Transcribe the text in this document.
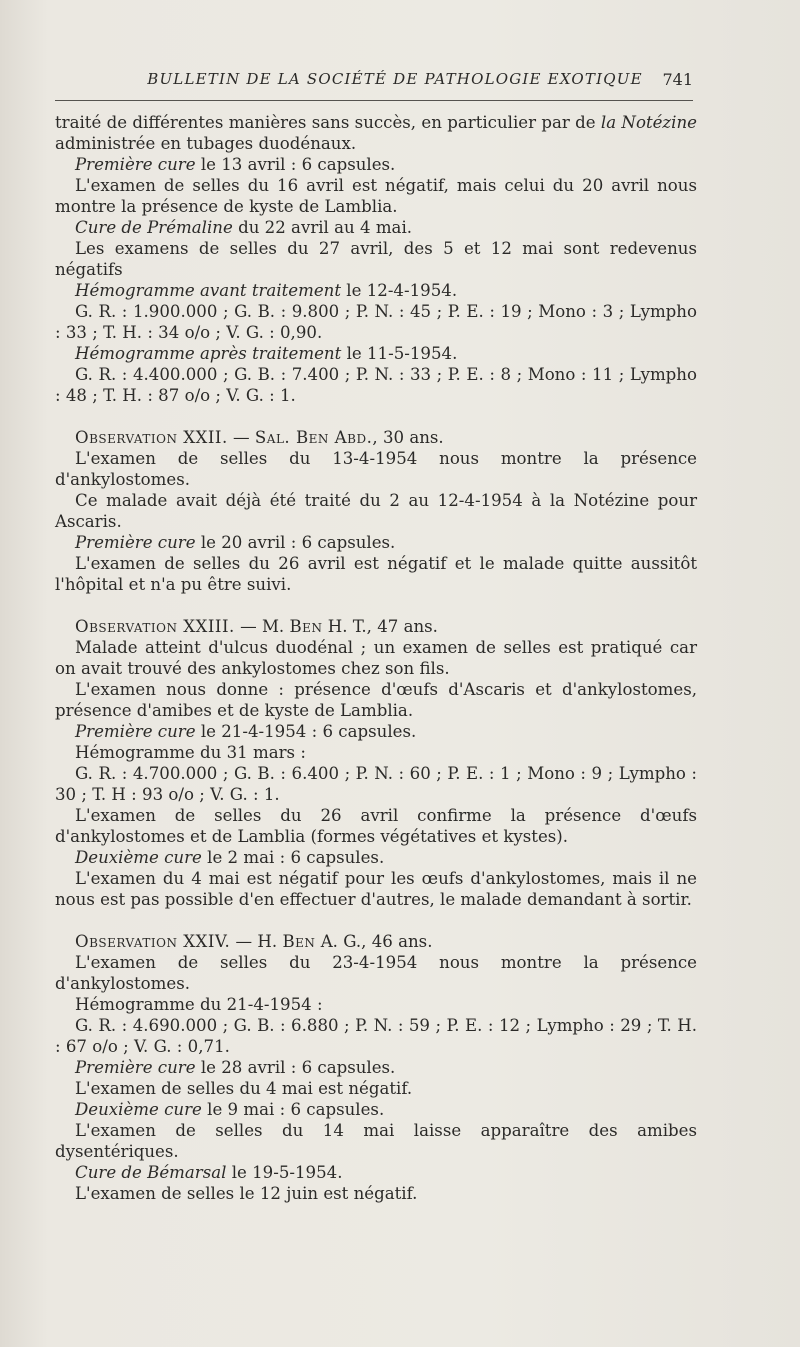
BULLETIN DE LA SOCIÉTÉ DE PATHOLOGIE EXOTIQUE 741

traité de différentes manières sans succès, en particulier par de la Notézine administrée en tubages duodénaux.

Première cure le 13 avril : 6 capsules.

L'examen de selles du 16 avril est négatif, mais celui du 20 avril nous montre la présence de kyste de Lamblia.

Cure de Prémaline du 22 avril au 4 mai.

Les examens de selles du 27 avril, des 5 et 12 mai sont redevenus négatifs

Hémogramme avant traitement le 12-4-1954.

G. R. : 1.900.000 ; G. B. : 9.800 ; P. N. : 45 ; P. E. : 19 ; Mono : 3 ; Lympho : 33 ; T. H. : 34 o/o ; V. G. : 0,90.

Hémogramme après traitement le 11-5-1954.

G. R. : 4.400.000 ; G. B. : 7.400 ; P. N. : 33 ; P. E. : 8 ; Mono : 11 ; Lympho : 48 ; T. H. : 87 o/o ; V. G. : 1.

Observation XXII. — Sal. Ben Abd., 30 ans.

L'examen de selles du 13-4-1954 nous montre la présence d'ankylostomes.

Ce malade avait déjà été traité du 2 au 12-4-1954 à la Notézine pour Ascaris.

Première cure le 20 avril : 6 capsules.

L'examen de selles du 26 avril est négatif et le malade quitte aussitôt l'hôpital et n'a pu être suivi.

Observation XXIII. — M. Ben H. T., 47 ans.

Malade atteint d'ulcus duodénal ; un examen de selles est pratiqué car on avait trouvé des ankylostomes chez son fils.

L'examen nous donne : présence d'œufs d'Ascaris et d'ankylostomes, présence d'amibes et de kyste de Lamblia.

Première cure le 21-4-1954 : 6 capsules.

Hémogramme du 31 mars :

G. R. : 4.700.000 ; G. B. : 6.400 ; P. N. : 60 ; P. E. : 1 ; Mono : 9 ; Lympho : 30 ; T. H : 93 o/o ; V. G. : 1.

L'examen de selles du 26 avril confirme la présence d'œufs d'ankylostomes et de Lamblia (formes végétatives et kystes).

Deuxième cure le 2 mai : 6 capsules.

L'examen du 4 mai est négatif pour les œufs d'ankylostomes, mais il ne nous est pas possible d'en effectuer d'autres, le malade demandant à sortir.

Observation XXIV. — H. Ben A. G., 46 ans.

L'examen de selles du 23-4-1954 nous montre la présence d'ankylostomes.

Hémogramme du 21-4-1954 :

G. R. : 4.690.000 ; G. B. : 6.880 ; P. N. : 59 ; P. E. : 12 ; Lympho : 29 ; T. H. : 67 o/o ; V. G. : 0,71.

Première cure le 28 avril : 6 capsules.

L'examen de selles du 4 mai est négatif.

Deuxième cure le 9 mai : 6 capsules.

L'examen de selles du 14 mai laisse apparaître des amibes dysentériques.

Cure de Bémarsal le 19-5-1954.

L'examen de selles le 12 juin est négatif.
